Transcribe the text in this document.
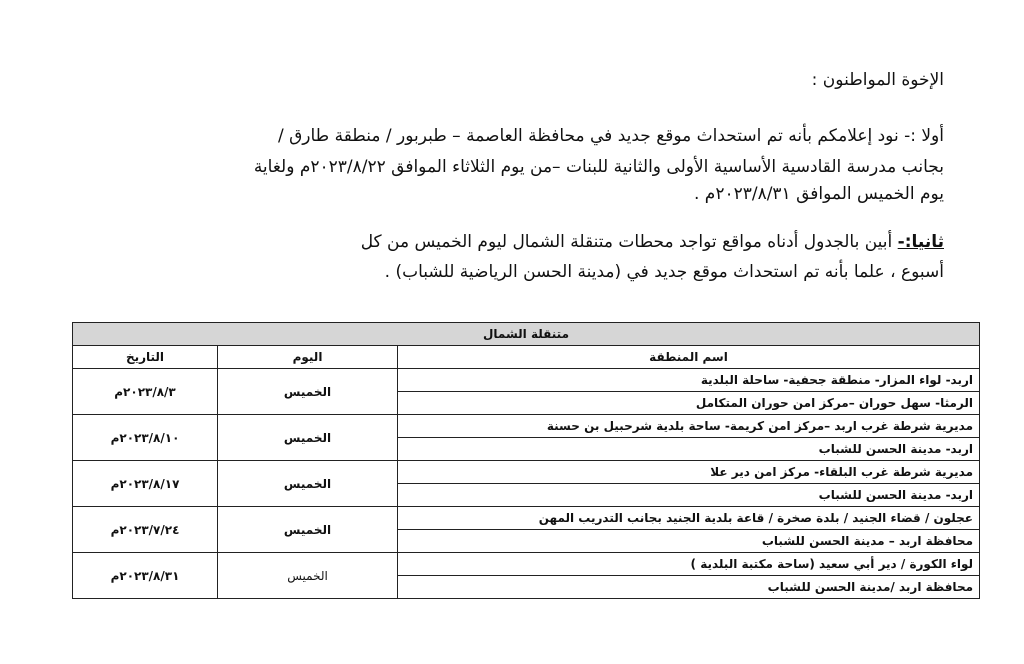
الإخوة المواطنون :
أولا :- نود إعلامكم بأنه تم استحداث موقع جديد في محافظة العاصمة – طبربور / منطقة طارق /
بجانب مدرسة القادسية الأساسية الأولى والثانية للبنات –من يوم الثلاثاء الموافق ٢٠٢٣/٨/٢٢م ولغاية
يوم الخميس الموافق ٢٠٢٣/٨/٣١م .
ثانيا:- أبين بالجدول أدناه مواقع تواجد محطات متنقلة الشمال ليوم الخميس من كل
أسبوع ، علما بأنه تم استحداث موقع جديد في (مدينة الحسن الرياضية للشباب) .
متنقلة الشمال		
اسم المنطقة	اليوم	التاريخ
اربد- لواء المزار- منطقة جحفية- ساحلة البلدية	الخميس	٢٠٢٣/٨/٣م
الرمثا- سهل حوران –مركز امن حوران المتكامل		
مديرية شرطة غرب اربد –مركز امن كريمة- ساحة بلدية شرحبيل بن حسنة	الخميس	٢٠٢٣/٨/١٠م
اربد- مدينة الحسن للشباب		
مديرية شرطة غرب البلقاء- مركز امن دير علا	الخميس	٢٠٢٣/٨/١٧م
اربد- مدينة الحسن للشباب		
عجلون / قضاء الجنيد / بلدة صخرة / قاعة بلدية الجنيد بجانب التدريب المهن	الخميس	٢٠٢٣/٧/٢٤م
محافظة اربد – مدينة الحسن للشباب		
لواء الكورة / دير أبي سعيد (ساحة مكتبة البلدية )	الخميس	٢٠٢٣/٨/٣١م
محافظة اربد /مدينة الحسن للشباب		
